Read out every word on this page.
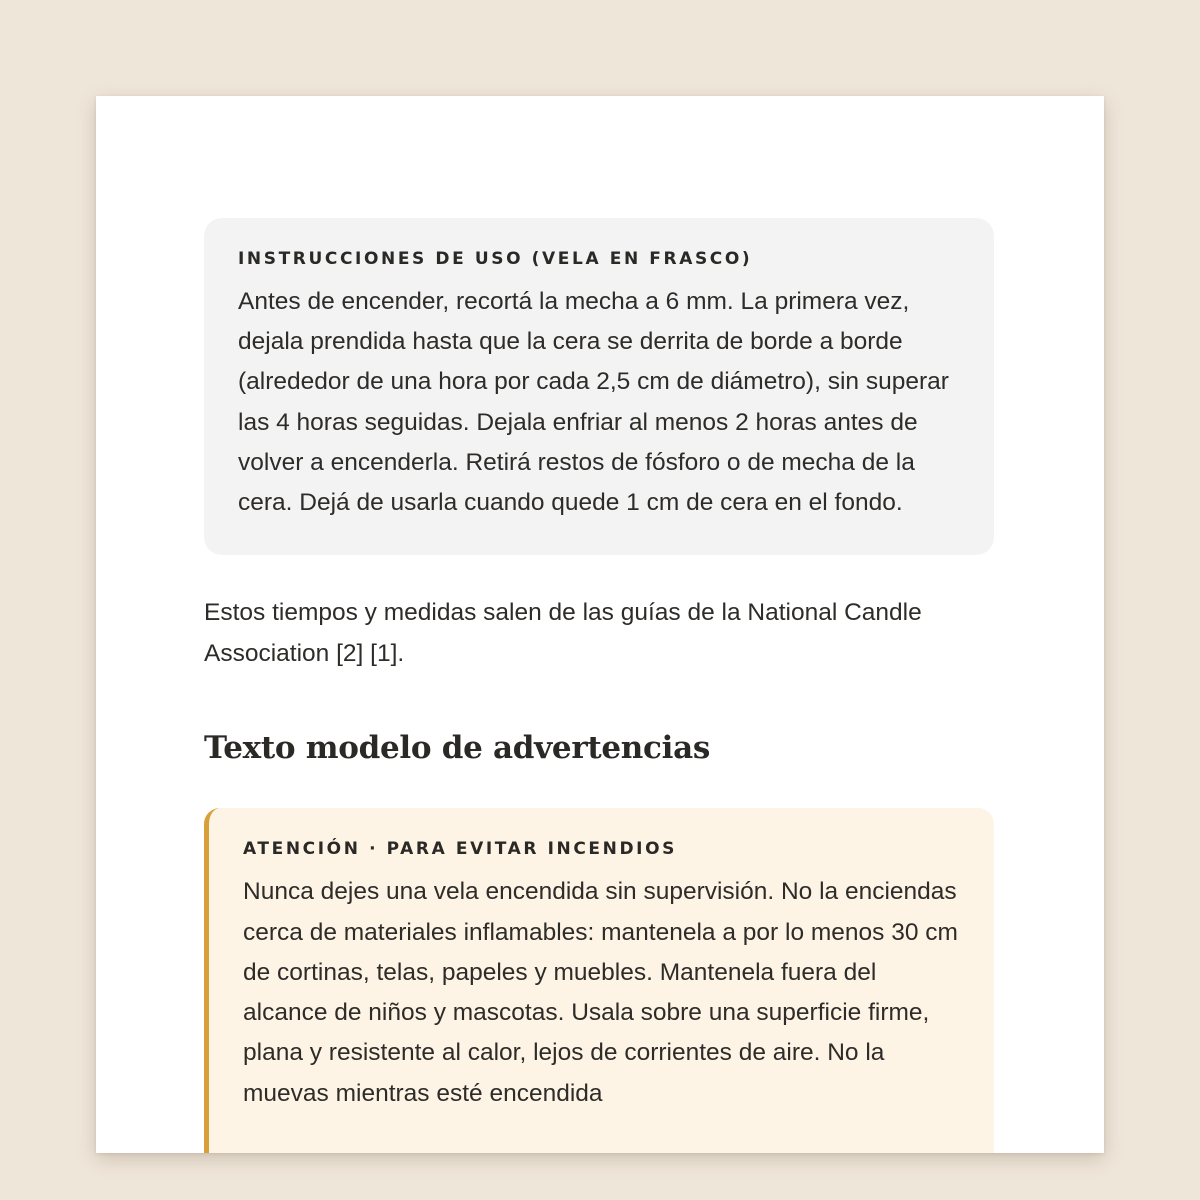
INSTRUCCIONES DE USO (VELA EN FRASCO)

Antes de encender, recortá la mecha a 6 mm. La primera vez, dejala prendida hasta que la cera se derrita de borde a borde (alrededor de una hora por cada 2,5 cm de diámetro), sin superar las 4 horas seguidas. Dejala enfriar al menos 2 horas antes de volver a encenderla. Retirá restos de fósforo o de mecha de la cera. Dejá de usarla cuando quede 1 cm de cera en el fondo.

Estos tiempos y medidas salen de las guías de la National Candle Association [2] [1].

Texto modelo de advertencias

ATENCIÓN · PARA EVITAR INCENDIOS

Nunca dejes una vela encendida sin supervisión. No la enciendas cerca de materiales inflamables: mantenela a por lo menos 30 cm de cortinas, telas, papeles y muebles. Mantenela fuera del alcance de niños y mascotas. Usala sobre una superficie firme, plana y resistente al calor, lejos de corrientes de aire. No la muevas mientras esté encendida
